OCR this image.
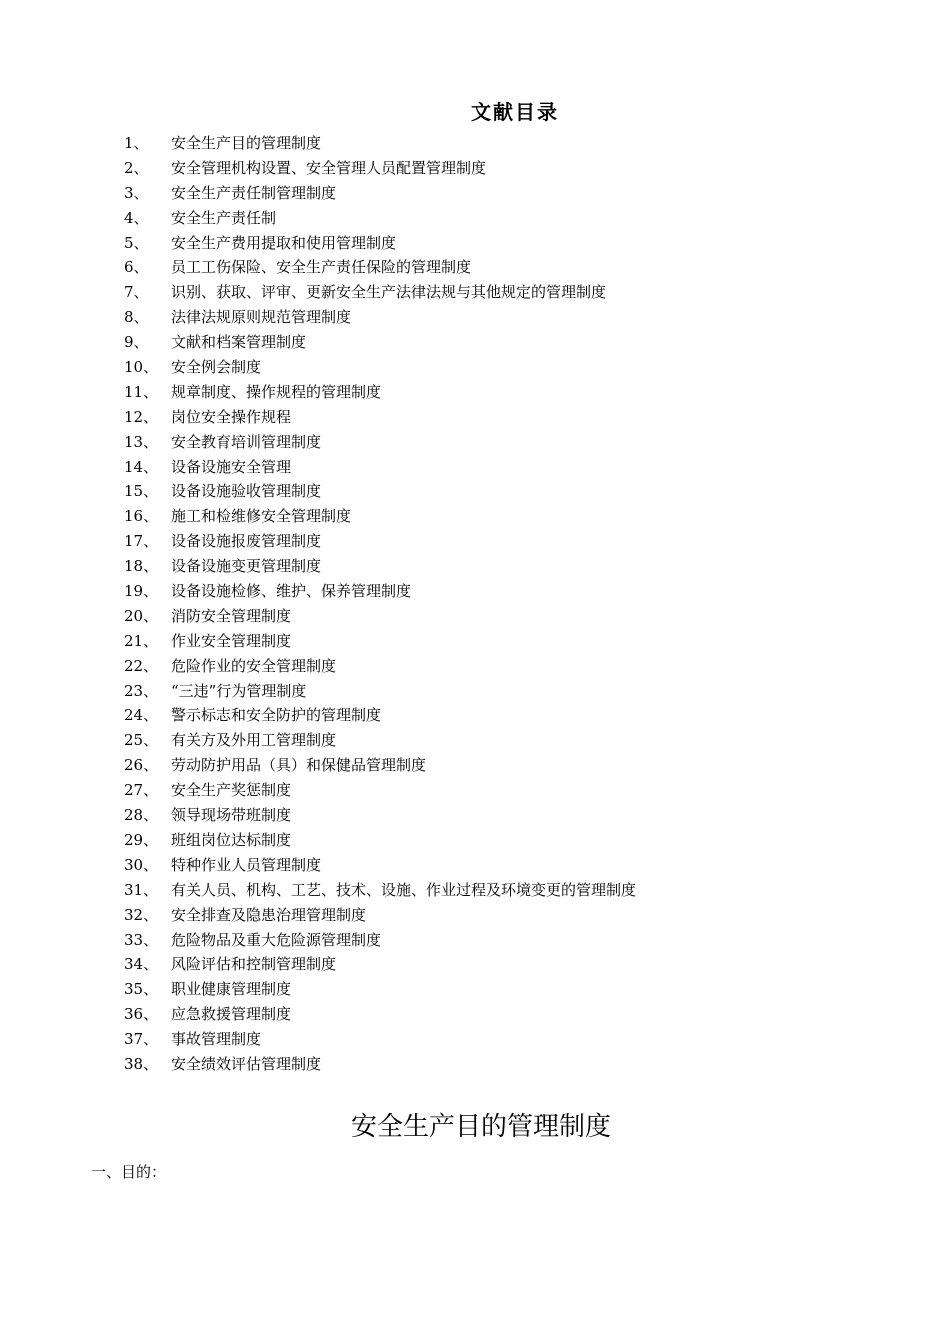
文献目录
1、	安全生产目的管理制度
2、	安全管理机构设置、安全管理人员配置管理制度
3、	安全生产责任制管理制度
4、	安全生产责任制
5、	安全生产费用提取和使用管理制度
6、	员工工伤保险、安全生产责任保险的管理制度
7、	识别、获取、评审、更新安全生产法律法规与其他规定的管理制度
8、	法律法规原则规范管理制度
9、	文献和档案管理制度
10、 安全例会制度
11、 规章制度、操作规程的管理制度
12、 岗位安全操作规程
13、 安全教育培训管理制度
14、 设备设施安全管理
15、 设备设施验收管理制度
16、 施工和检维修安全管理制度
17、 设备设施报废管理制度
18、 设备设施变更管理制度
19、 设备设施检修、维护、保养管理制度
20、 消防安全管理制度
21、 作业安全管理制度
22、 危险作业的安全管理制度
23、 “三违”行为管理制度
24、 警示标志和安全防护的管理制度
25、 有关方及外用工管理制度
26、 劳动防护用品（具）和保健品管理制度
27、 安全生产奖惩制度
28、 领导现场带班制度
29、 班组岗位达标制度
30、 特种作业人员管理制度
31、 有关人员、机构、工艺、技术、设施、作业过程及环境变更的管理制度
32、 安全排查及隐患治理管理制度
33、 危险物品及重大危险源管理制度
34、 风险评估和控制管理制度
35、 职业健康管理制度
36、 应急救援管理制度
37、 事故管理制度
38、 安全绩效评估管理制度
安全生产目的管理制度
一、目的：
